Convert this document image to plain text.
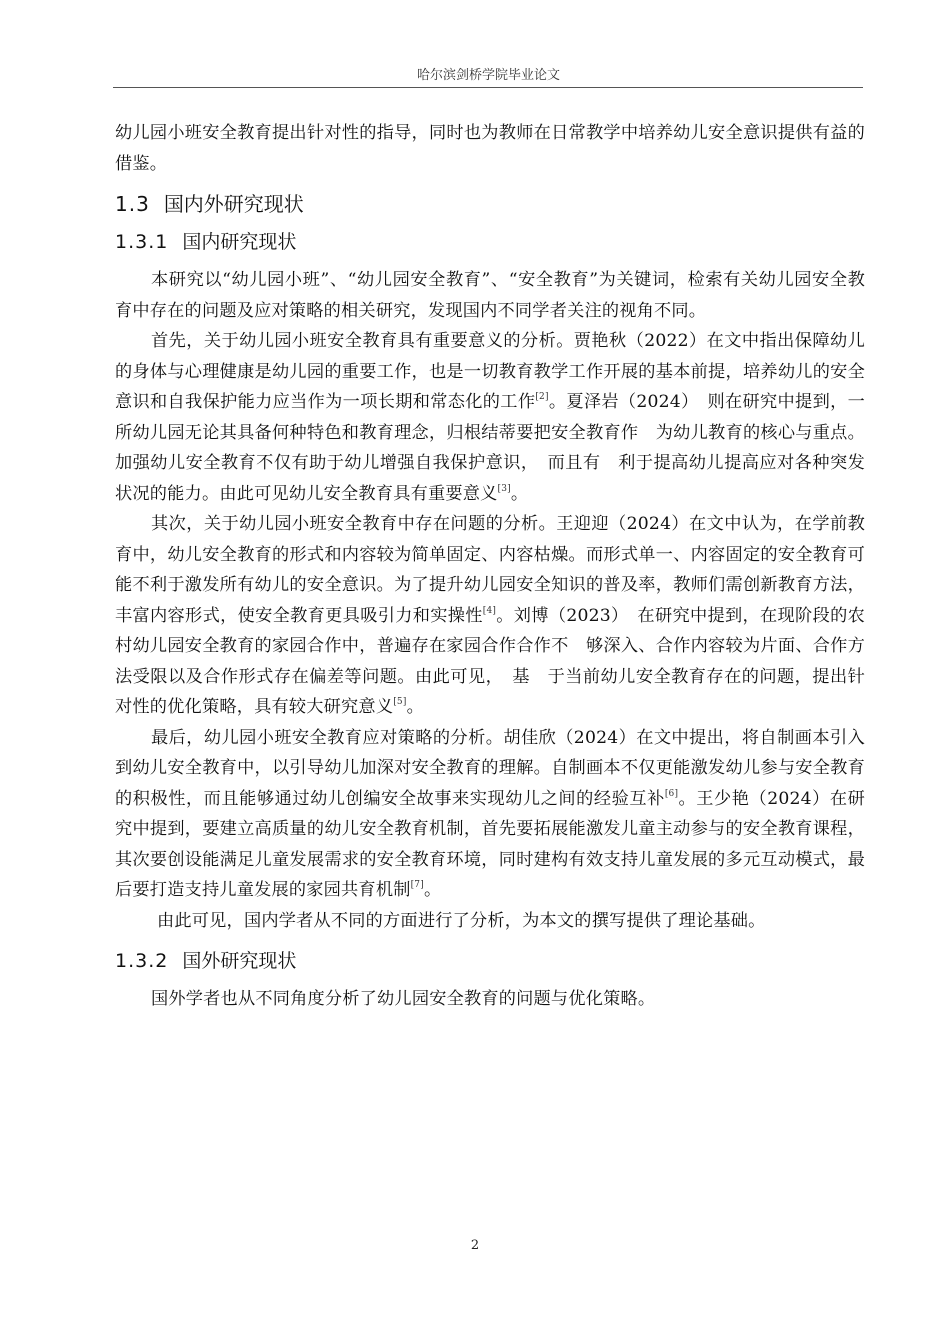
哈尔滨剑桥学院毕业论文

幼儿园小班安全教育提出针对性的指导，同时也为教师在日常教学中培养幼儿安全意识提供有益的借鉴。

1.3 国内外研究现状
1.3.1 国内研究现状

本研究以“幼儿园小班”、“幼儿园安全教育”、“安全教育”为关键词，检索有关幼儿园安全教育中存在的问题及应对策略的相关研究，发现国内不同学者关注的视角不同。

首先，关于幼儿园小班安全教育具有重要意义的分析。贾艳秋（2022）在文中指出保障幼儿的身体与心理健康是幼儿园的重要工作，也是一切教育教学工作开展的基本前提，培养幼儿的安全意识和自我保护能力应当作为一项长期和常态化的工作[2]。夏泽岩（2024）　则在研究中提到，一所幼儿园无论其具备何种特色和教育理念，归根结蒂要把安全教育作　为幼儿教育的核心与重点。加强幼儿安全教育不仅有助于幼儿增强自我保护意识，　而且有　利于提高幼儿提高应对各种突发状况的能力。由此可见幼儿安全教育具有重要意义[3]。

其次，关于幼儿园小班安全教育中存在问题的分析。王迎迎（2024）在文中认为，在学前教育中，幼儿安全教育的形式和内容较为简单固定、内容枯燥。而形式单一、内容固定的安全教育可能不利于激发所有幼儿的安全意识。为了提升幼儿园安全知识的普及率，教师们需创新教育方法，丰富内容形式，使安全教育更具吸引力和实操性[4]。刘博（2023）　在研究中提到，在现阶段的农村幼儿园安全教育的家园合作中，普遍存在家园合作合作不　够深入、合作内容较为片面、合作方法受限以及合作形式存在偏差等问题。由此可见，　基　于当前幼儿安全教育存在的问题，提出针对性的优化策略，具有较大研究意义[5]。

最后，幼儿园小班安全教育应对策略的分析。胡佳欣（2024）在文中提出，将自制画本引入到幼儿安全教育中，以引导幼儿加深对安全教育的理解。自制画本不仅更能激发幼儿参与安全教育的积极性，而且能够通过幼儿创编安全故事来实现幼儿之间的经验互补[6]。王少艳（2024）在研究中提到，要建立高质量的幼儿安全教育机制，首先要拓展能激发儿童主动参与的安全教育课程，其次要创设能满足儿童发展需求的安全教育环境，同时建构有效支持儿童发展的多元互动模式，最后要打造支持儿童发展的家园共育机制[7]。

由此可见，国内学者从不同的方面进行了分析，为本文的撰写提供了理论基础。

1.3.2 国外研究现状

国外学者也从不同角度分析了幼儿园安全教育的问题与优化策略。

2
